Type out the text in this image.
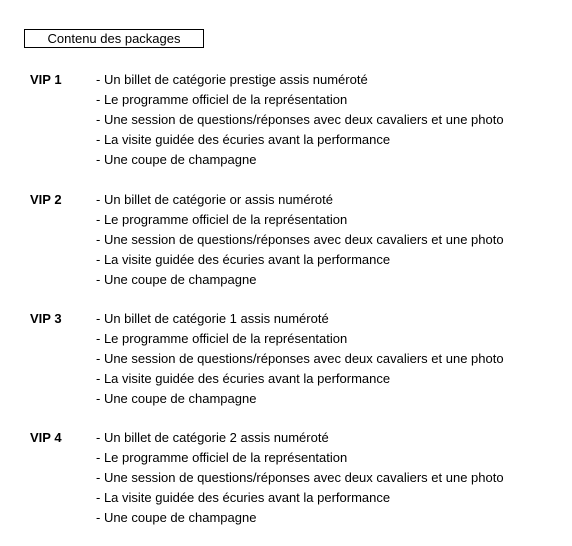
Contenu des packages
VIP 1	- Un billet de catégorie prestige assis numéroté
- Le programme officiel de la représentation
- Une session de questions/réponses avec deux cavaliers et une photo
- La visite guidée des écuries avant la performance
- Une coupe de champagne
VIP 2	- Un billet de catégorie or assis numéroté
- Le programme officiel de la représentation
- Une session de questions/réponses avec deux cavaliers et une photo
- La visite guidée des écuries avant la performance
- Une coupe de champagne
VIP 3	- Un billet de catégorie 1 assis numéroté
- Le programme officiel de la représentation
- Une session de questions/réponses avec deux cavaliers et une photo
- La visite guidée des écuries avant la performance
- Une coupe de champagne
VIP 4	- Un billet de catégorie 2 assis numéroté
- Le programme officiel de la représentation
- Une session de questions/réponses avec deux cavaliers et une photo
- La visite guidée des écuries avant la performance
- Une coupe de champagne
